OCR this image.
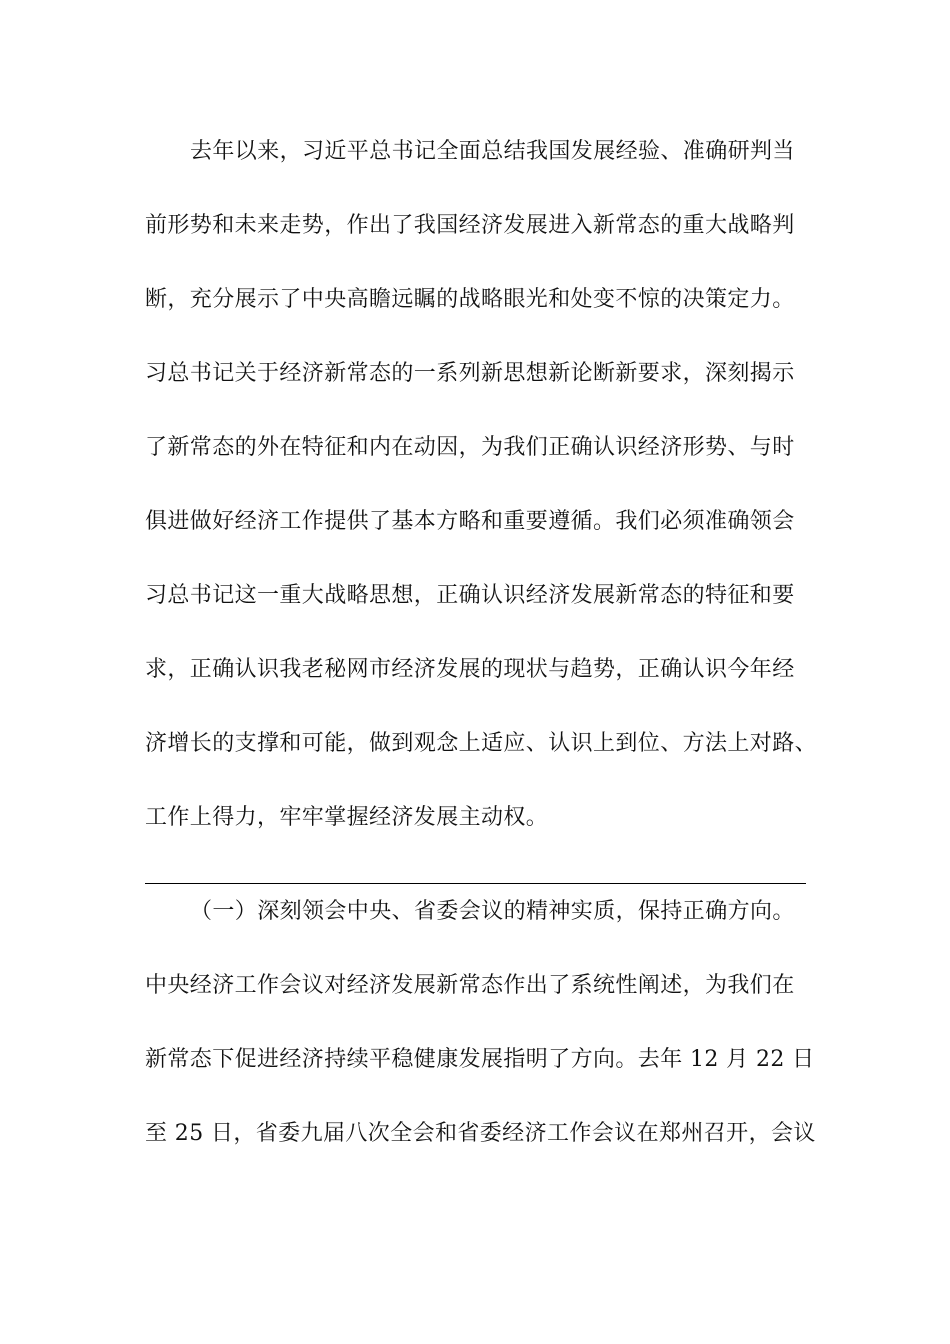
去年以来，习近平总书记全面总结我国发展经验、准确研判当
前形势和未来走势，作出了我国经济发展进入新常态的重大战略判
断，充分展示了中央高瞻远瞩的战略眼光和处变不惊的决策定力。
习总书记关于经济新常态的一系列新思想新论断新要求，深刻揭示
了新常态的外在特征和内在动因，为我们正确认识经济形势、与时
俱进做好经济工作提供了基本方略和重要遵循。我们必须准确领会
习总书记这一重大战略思想，正确认识经济发展新常态的特征和要
求，正确认识我老秘网市经济发展的现状与趋势，正确认识今年经
济增长的支撑和可能，做到观念上适应、认识上到位、方法上对路、
工作上得力，牢牢掌握经济发展主动权。
（一）深刻领会中央、省委会议的精神实质，保持正确方向。
中央经济工作会议对经济发展新常态作出了系统性阐述，为我们在
新常态下促进经济持续平稳健康发展指明了方向。去年 12 月 22 日
至 25 日，省委九届八次全会和省委经济工作会议在郑州召开，会议
